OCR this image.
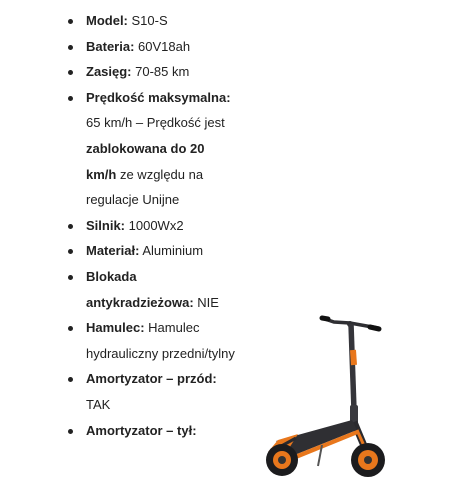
Model: S10-S
Bateria: 60V18ah
Zasięg: 70-85 km
Prędkość maksymalna: 65 km/h – Prędkość jest zablokowana do 20 km/h ze względu na regulacje Unijne
Silnik: 1000Wx2
Materiał: Aluminium
Blokada antykradzieżowa: NIE
Hamulec: Hamulec hydrauliczny przedni/tylny
Amortyzator – przód: TAK
Amortyzator – tył:
